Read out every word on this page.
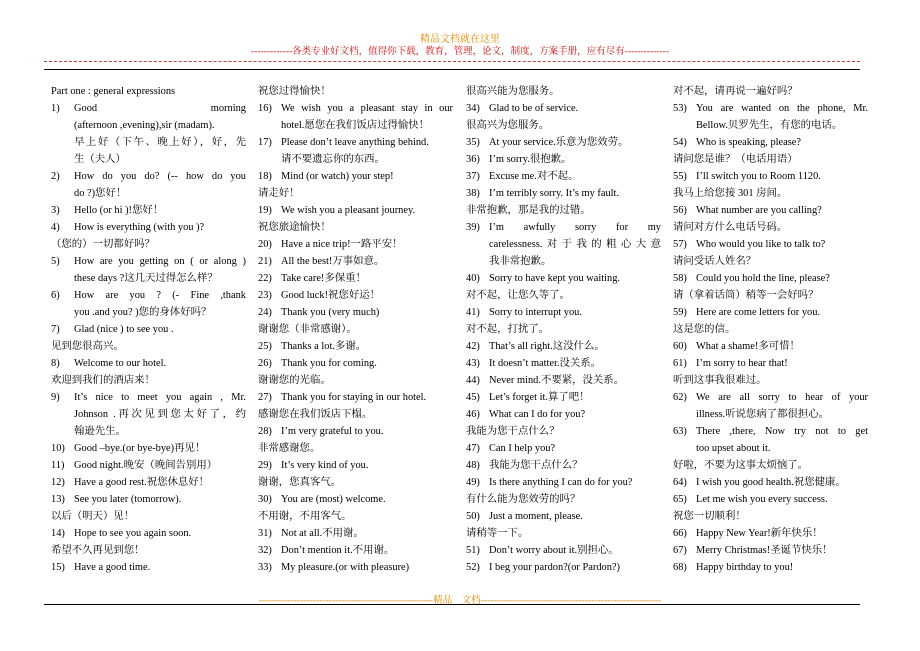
精品文档就在这里
-------------各类专业好文档，值得你下载，教育，管理，论文，制度，方案手册，应有尽有--------------
Part one : general expressions
1)	Good morning
(afternoon ,evening),sir (madam).
早上好（下午、晚上好），好，先
生（夫人）
2)	How do you do? (-- how do you
do ?)您好！
3)	Hello (or hi )!您好！
4)	How is everything (with you )?
（您的）一切都好吗？
5)	How are you getting on ( or along )
these days ?这几天过得怎么样？
6)	How are you ? (- Fine ,thank
you .and you? )您的身体好吗？
7)	Glad (nice ) to see you .
见到您很高兴。
8)	Welcome to our hotel.
欢迎到我们的酒店来！
9)	It’s nice to meet you again , Mr.
Johnson .再次见到您太好了，约
翰逊先生。
10) Good –bye.(or bye-bye)再见！
11) Good night.晚安（晚间告别用）
12) Have a good rest.祝您休息好！
13) See you later (tomorrow).
以后（明天）见！
14) Hope to see you again soon.
希望不久再见到您！
15) Have a good time.
祝您过得愉快！
16) We wish you a pleasant stay in our
hotel.愿您在我们饭店过得愉快！
17) Please don’t leave anything behind.
请不要遗忘你的东西。
18) Mind (or watch) your step!
请走好！
19) We wish you a pleasant journey.
祝您旅途愉快！
20) Have a nice trip!一路平安！
21) All the best!万事如意。
22) Take care!多保重！
23) Good luck!祝您好运！
24) Thank you (very much)
谢谢您（非常感谢）。
25) Thanks a lot.多谢。
26) Thank you for coming.
谢谢您的光临。
27) Thank you for staying in our hotel.
感谢您在我们饭店下榻。
28) I’m very grateful to you.
非常感谢您。
29) It’s very kind of you.
谢谢，您真客气。
30) You are (most) welcome.
不用谢，不用客气。
31) Not at all.不用谢。
32) Don’t mention it.不用谢。
33) My pleasure.(or with pleasure)
很高兴能为您服务。
34) Glad to be of service.
很高兴为您服务。
35) At your service.乐意为您效劳。
36) I’m sorry.很抱歉。
37) Excuse me.对不起。
38) I’m terribly sorry. It’s my fault.
非常抱歉，那是我的过错。
39) I’m awfully sorry for my
carelessness.对于我的粗心大意
我非常抱歉。
40) Sorry to have kept you waiting.
对不起，让您久等了。
41) Sorry to interrupt you.
对不起，打扰了。
42) That’s all right.这没什么。
43) It doesn’t matter.没关系。
44) Never mind.不要紧，没关系。
45) Let’s forget it.算了吧！
46) What can I do for you?
我能为您干点什么？
47) Can I help you?
48) 我能为您干点什么？
49) Is there anything I can do for you?
有什么能为您效劳的吗？
50) Just a moment, please.
请稍等一下。
51) Don’t worry about it.别担心。
52) I beg your pardon?(or Pardon?)
对不起，请再说一遍好吗？
53) You are wanted on the phone, Mr.
Bellow.贝罗先生，有您的电话。
54) Who is speaking, please?
请问您是谁？（电话用语）
55) I’ll switch you to Room 1120.
我马上给您接 301 房间。
56) What number are you calling?
请问对方什么电话号码。
57) Who would you like to talk to?
请问受话人姓名？
58) Could you hold the line, please?
请（拿着话筒）稍等一会好吗？
59) Here are come letters for you.
这是您的信。
60) What a shame!多可惜！
61) I’m sorry to hear that!
听到这事我很难过。
62) We are all sorry to hear of your
illness.听说您病了都很担心。
63) There ,there, Now try not to get
too upset about it.
好啦，不要为这事太烦恼了。
64) I wish you good health.祝您健康。
65) Let me wish you every success.
祝您一切顺利！
66) Happy New Year!新年快乐！
67) Merry Christmas!圣诞节快乐！
68) Happy birthday to you!
-------------------------------------------------------精品　文档---------------------------------------------------------
